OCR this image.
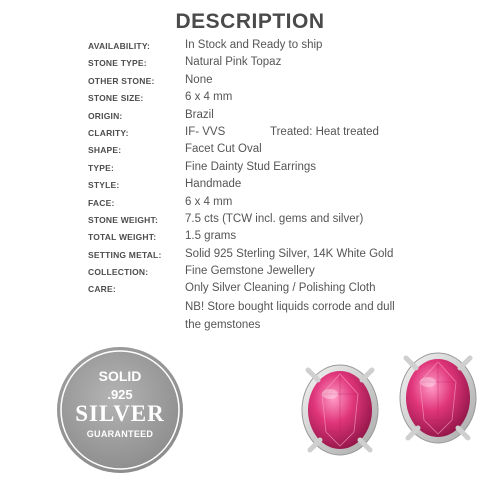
DESCRIPTION
AVAILABILITY:	In Stock and Ready to ship
STONE TYPE:	Natural Pink Topaz
OTHER STONE:	None
STONE SIZE:	6 x 4 mm
ORIGIN:	Brazil
CLARITY:	IF- VVS	Treated: Heat treated
SHAPE:	Facet Cut Oval
TYPE:	Fine Dainty Stud Earrings
STYLE:	Handmade
FACE:	6 x 4 mm
STONE WEIGHT: 7.5 cts (TCW incl. gems and silver)
TOTAL WEIGHT:	1.5 grams
SETTING METAL: Solid 925 Sterling Silver, 14K White Gold
COLLECTION:	Fine Gemstone Jewellery
CARE:	Only Silver Cleaning / Polishing Cloth
NB! Store bought liquids corrode and dull
the gemstones
SOLID
.925
SILVER
GUARANTEED
